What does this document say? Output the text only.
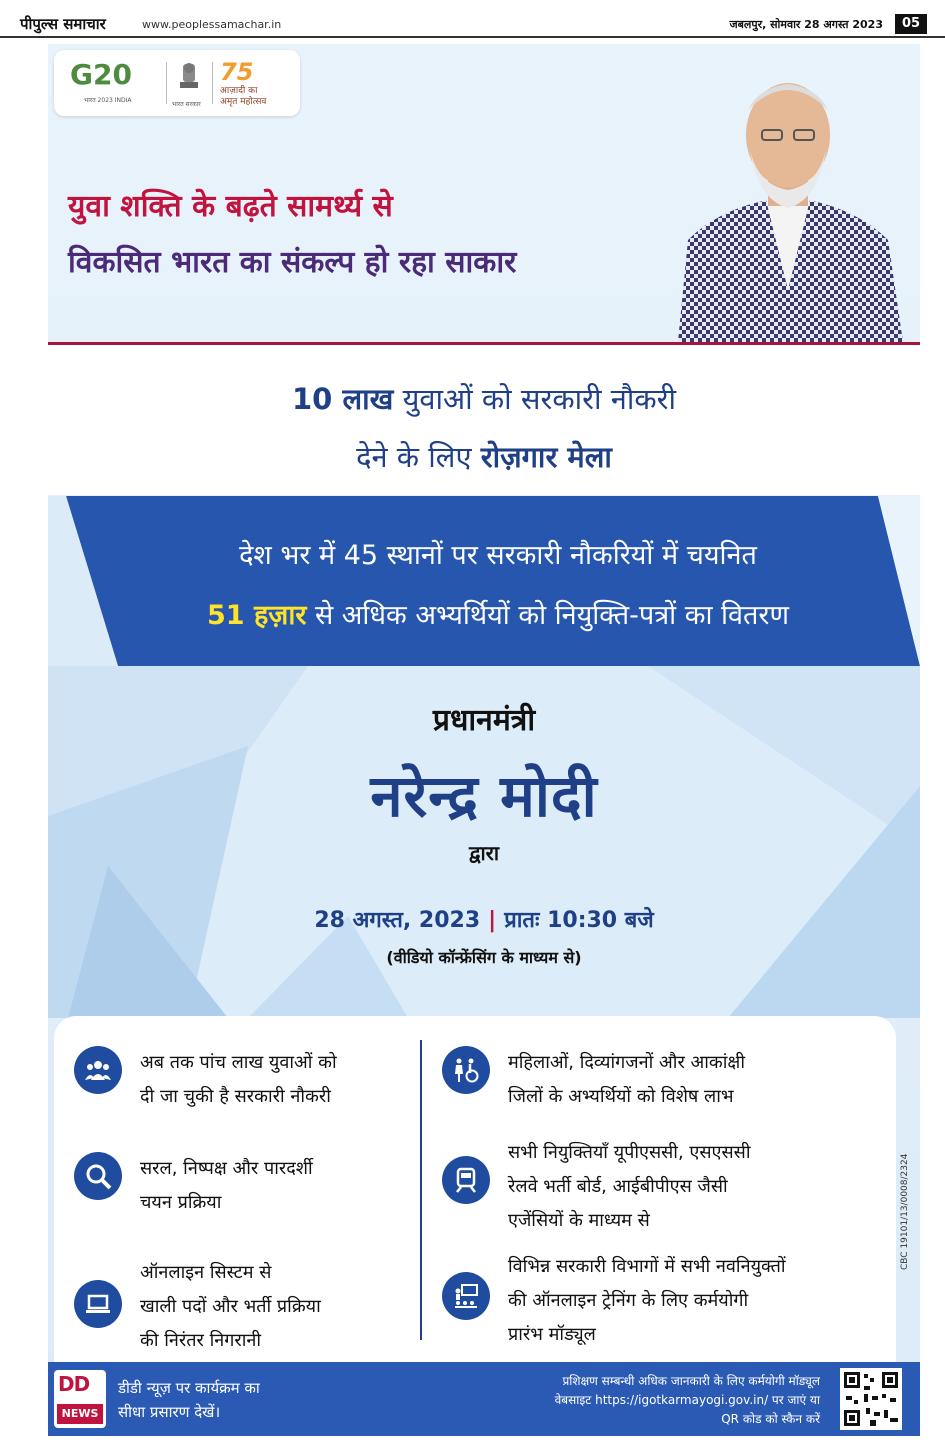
पीपुल्स समाचार	www.peoplessamachar.in	जबलपुर, सोमवार 28 अगस्त 2023	05
G20
भारत 2023 INDIA
भारत सरकार
75
आज़ादी का
अमृत महोत्सव
युवा शक्ति के बढ़ते सामर्थ्य से
विकसित भारत का संकल्प हो रहा साकार
10 लाख युवाओं को सरकारी नौकरी
देने के लिए रोज़गार मेला
देश भर में 45 स्थानों पर सरकारी नौकरियों में चयनित
51 हज़ार से अधिक अभ्यर्थियों को नियुक्ति-पत्रों का वितरण
प्रधानमंत्री
नरेन्द्र मोदी
द्वारा
28 अगस्त, 2023 | प्रातः 10:30 बजे
(वीडियो कॉन्फ्रेंसिंग के माध्यम से)
अब तक पांच लाख युवाओं को
दी जा चुकी है सरकारी नौकरी
सरल, निष्पक्ष और पारदर्शी
चयन प्रक्रिया
ऑनलाइन सिस्टम से
खाली पदों और भर्ती प्रक्रिया
की निरंतर निगरानी
महिलाओं, दिव्यांगजनों और आकांक्षी
जिलों के अभ्यर्थियों को विशेष लाभ
सभी नियुक्तियाँ यूपीएससी, एसएससी
रेलवे भर्ती बोर्ड, आईबीपीएस जैसी
एजेंसियों के माध्यम से
विभिन्न सरकारी विभागों में सभी नवनियुक्तों
की ऑनलाइन ट्रेनिंग के लिए कर्मयोगी
प्रारंभ मॉड्यूल
DD
NEWS
डीडी न्यूज़ पर कार्यक्रम का
सीधा प्रसारण देखें।
प्रशिक्षण सम्बन्धी अधिक जानकारी के लिए कर्मयोगी मॉड्यूल
वेबसाइट https://igotkarmayogi.gov.in/ पर जाएं या
QR कोड को स्कैन करें
CBC 19101/13/0008/2324
